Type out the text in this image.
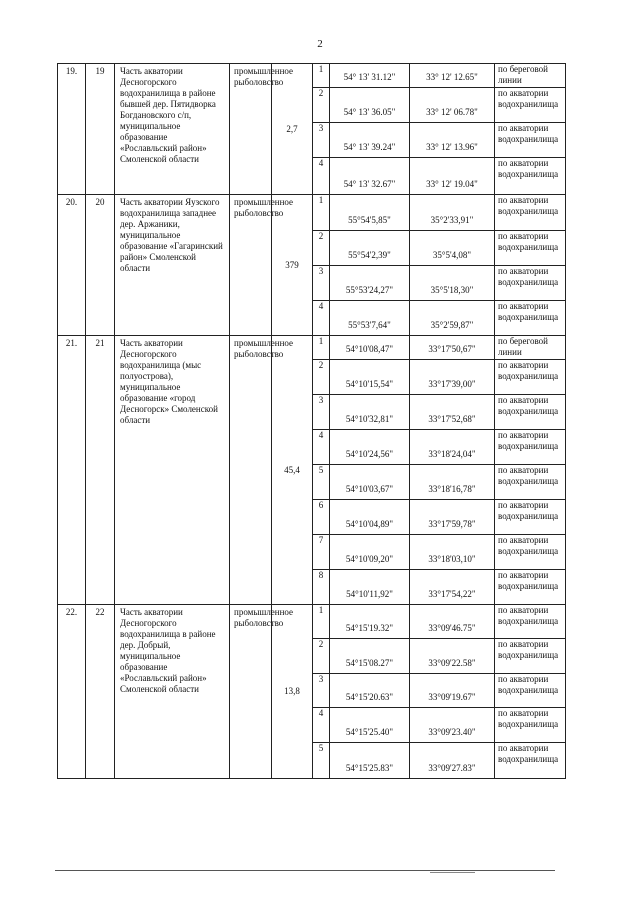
2
19.	19	Часть акватории Десногорского водохранилища в районе бывшей дер. Пятидворка Богдановского с/п, муниципальное образование «Рославльский район» Смоленской области	промышленное рыболовство	2,7	1	54° 13' 31.12"	33° 12' 12.65"	по береговой линии
					2	54° 13' 36.05"	33° 12' 06.78"	по акватории водохранилища
					3	54° 13' 39.24"	33° 12' 13.96"	по акватории водохранилища
					4	54° 13' 32.67"	33° 12' 19.04"	по акватории водохранилища
20.	20	Часть акватории Яузского водохранилища западнее дер. Аржаники, муниципальное образование «Гагаринский район» Смоленской области	промышленное рыболовство	379	1	55°54'5,85"	35°2'33,91"	по акватории водохранилища
					2	55°54'2,39"	35°5'4,08"	по акватории водохранилища
					3	55°53'24,27"	35°5'18,30"	по акватории водохранилища
					4	55°53'7,64"	35°2'59,87"	по акватории водохранилища
21.	21	Часть акватории Десногорского водохранилища (мыс полуострова), муниципальное образование «город Десногорск» Смоленской области	промышленное рыболовство	45,4	1	54°10'08,47"	33°17'50,67"	по береговой линии
					2	54°10'15,54"	33°17'39,00"	по акватории водохранилища
					3	54°10'32,81"	33°17'52,68"	по акватории водохранилища
					4	54°10'24,56"	33°18'24,04"	по акватории водохранилища
					5	54°10'03,67"	33°18'16,78"	по акватории водохранилища
					6	54°10'04,89"	33°17'59,78"	по акватории водохранилища
					7	54°10'09,20"	33°18'03,10"	по акватории водохранилища
					8	54°10'11,92"	33°17'54,22"	по акватории водохранилища
22.	22	Часть акватории Десногорского водохранилища в районе дер. Добрый, муниципальное образование «Рославльский район» Смоленской области	промышленное рыболовство	13,8	1	54°15'19.32"	33°09'46.75"	по акватории водохранилища
					2	54°15'08.27"	33°09'22.58"	по акватории водохранилища
					3	54°15'20.63"	33°09'19.67"	по акватории водохранилища
					4	54°15'25.40"	33°09'23.40"	по акватории водохранилища
					5	54°15'25.83"	33°09'27.83"	по акватории водохранилища
